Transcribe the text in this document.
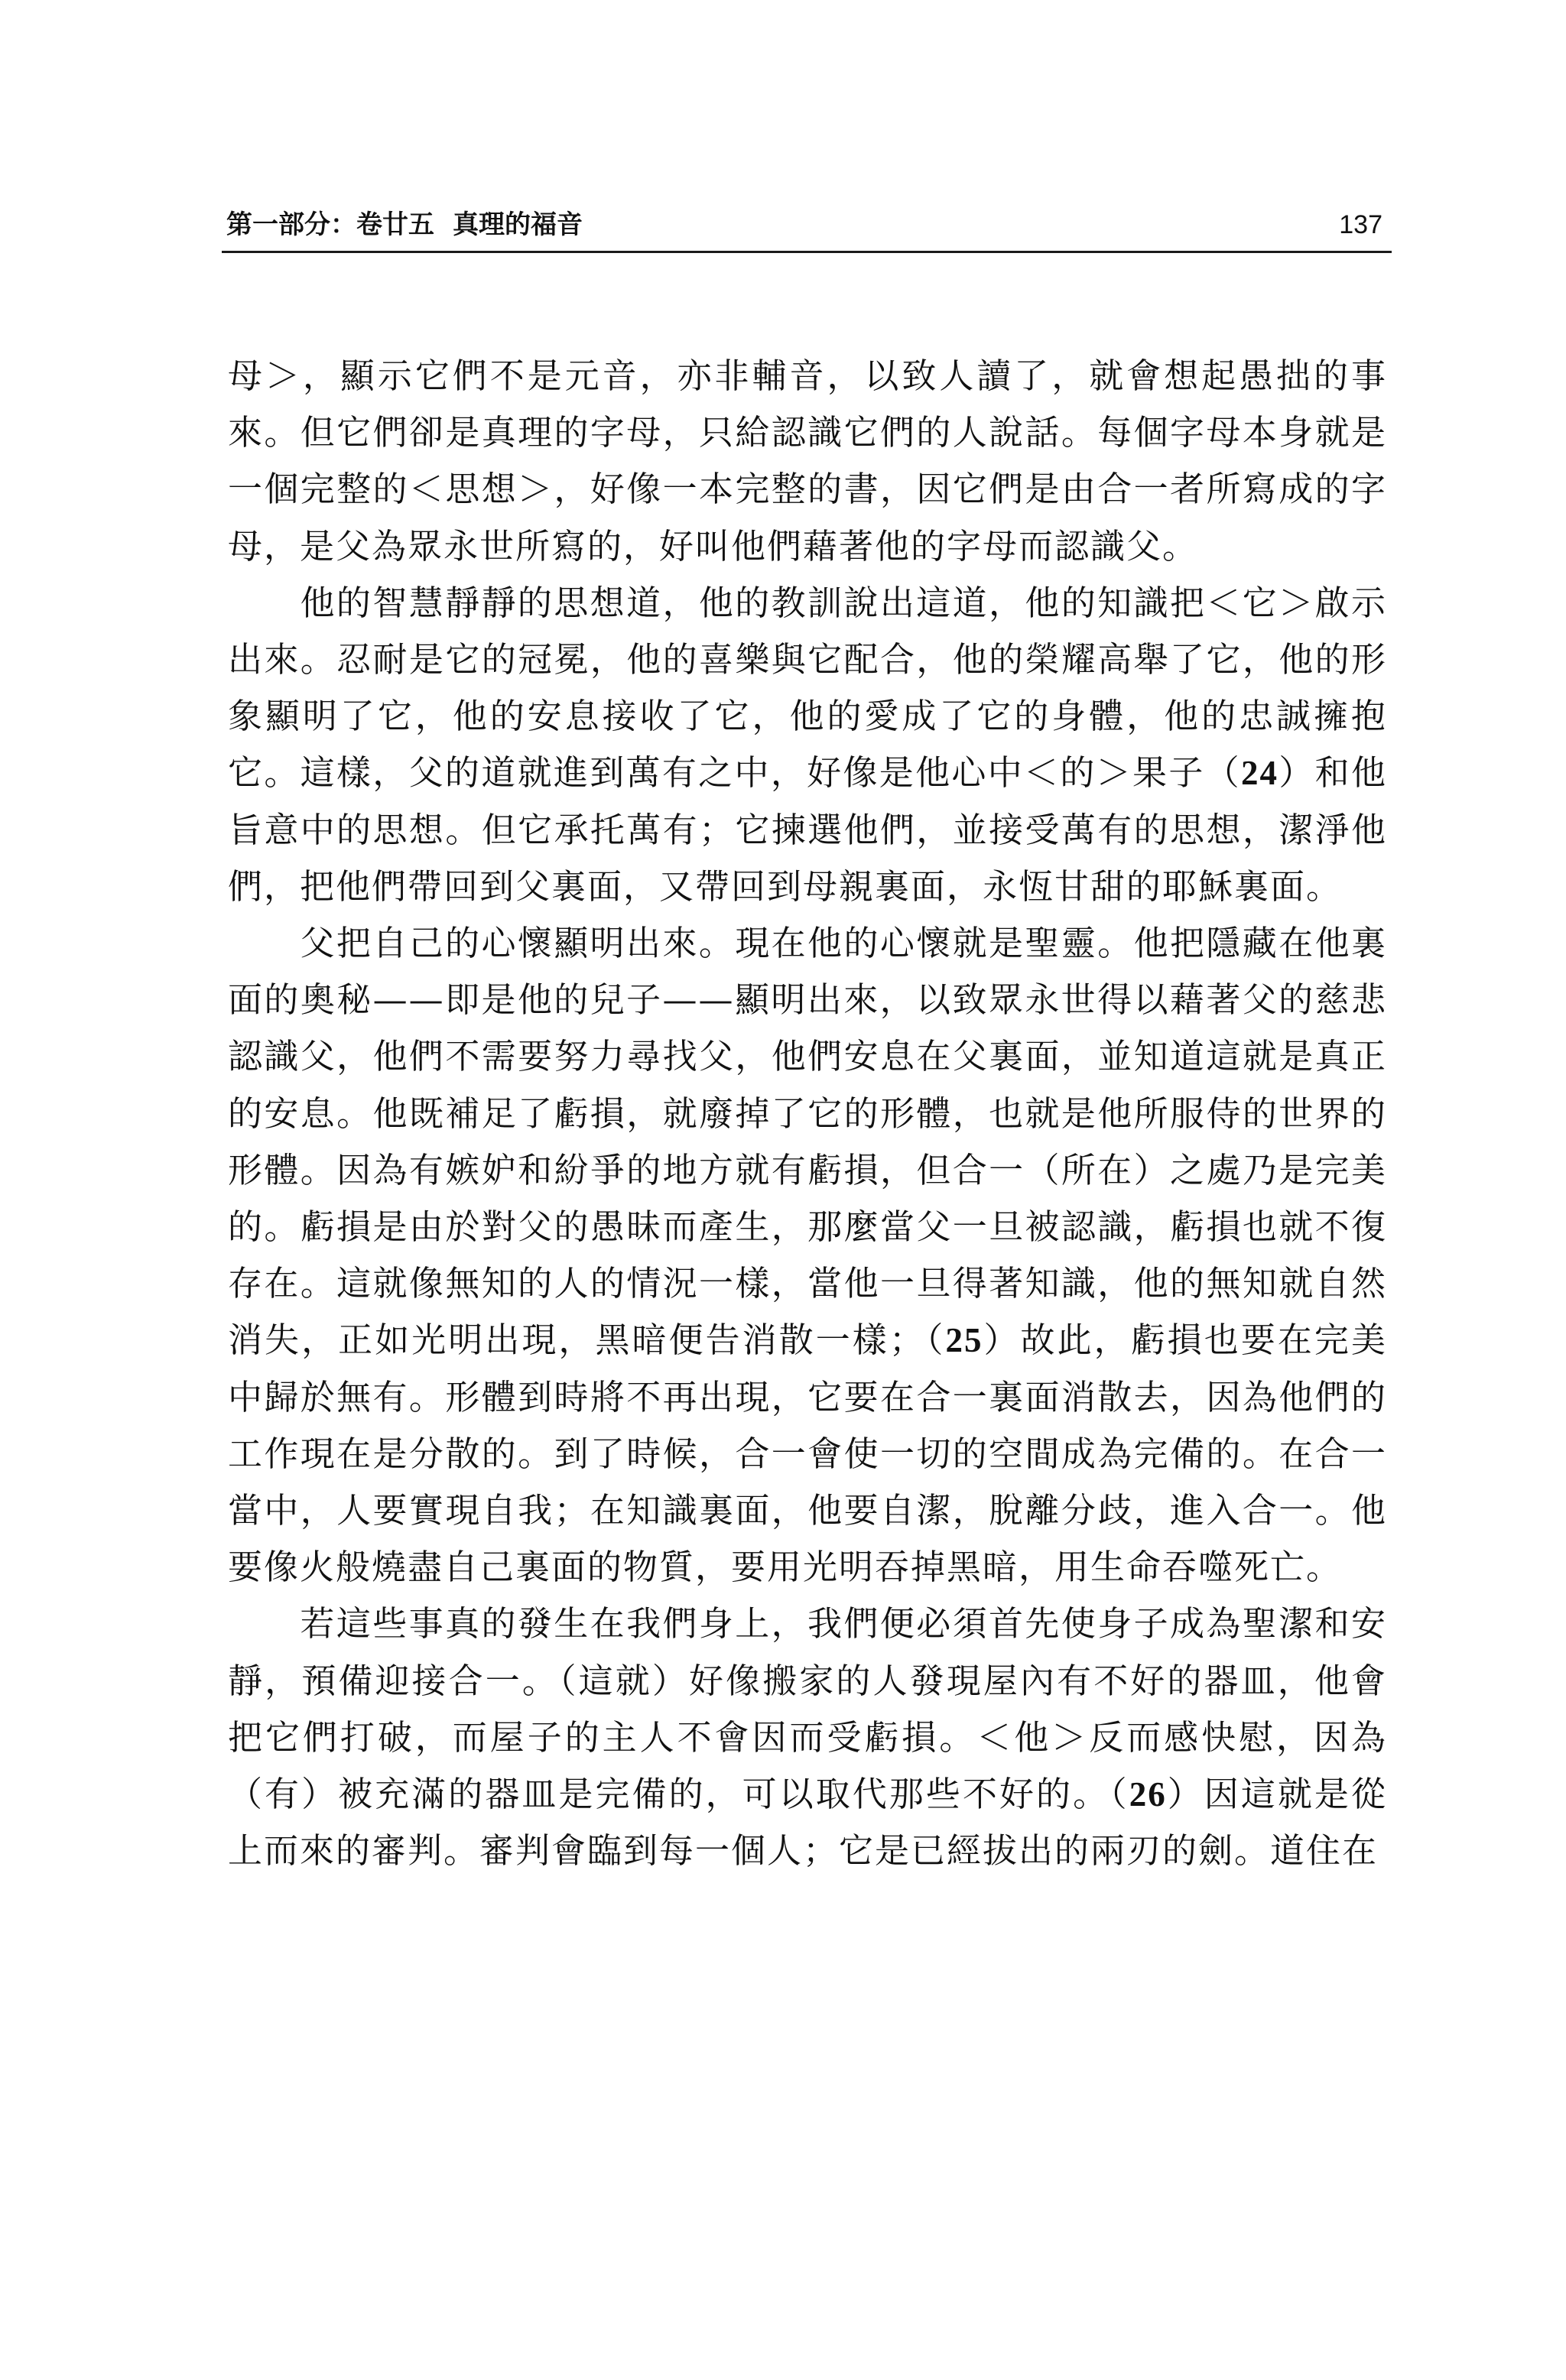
第一部分：卷廿五 真理的福音	137

母＞，顯示它們不是元音，亦非輔音，以致人讀了，就會想起愚拙的事來。但它們卻是真理的字母，只給認識它們的人說話。每個字母本身就是一個完整的＜思想＞，好像一本完整的書，因它們是由合一者所寫成的字母，是父為眾永世所寫的，好叫他們藉著他的字母而認識父。

他的智慧靜靜的思想道，他的教訓說出這道，他的知識把＜它＞啟示出來。忍耐是它的冠冕，他的喜樂與它配合，他的榮耀高舉了它，他的形象顯明了它，他的安息接收了它，他的愛成了它的身體，他的忠誠擁抱它。這樣，父的道就進到萬有之中，好像是他心中＜的＞果子（24）和他旨意中的思想。但它承托萬有；它揀選他們，並接受萬有的思想，潔淨他們，把他們帶回到父裏面，又帶回到母親裏面，永恆甘甜的耶穌裏面。

父把自己的心懷顯明出來。現在他的心懷就是聖靈。他把隱藏在他裏面的奧秘——即是他的兒子——顯明出來，以致眾永世得以藉著父的慈悲認識父，他們不需要努力尋找父，他們安息在父裏面，並知道這就是真正的安息。他既補足了虧損，就廢掉了它的形體，也就是他所服侍的世界的形體。因為有嫉妒和紛爭的地方就有虧損，但合一（所在）之處乃是完美的。虧損是由於對父的愚昧而產生，那麼當父一旦被認識，虧損也就不復存在。這就像無知的人的情況一樣，當他一旦得著知識，他的無知就自然消失，正如光明出現，黑暗便告消散一樣；（25）故此，虧損也要在完美中歸於無有。形體到時將不再出現，它要在合一裏面消散去，因為他們的工作現在是分散的。到了時候，合一會使一切的空間成為完備的。在合一當中，人要實現自我；在知識裏面，他要自潔，脫離分歧，進入合一。他要像火般燒盡自己裏面的物質，要用光明吞掉黑暗，用生命吞噬死亡。

若這些事真的發生在我們身上，我們便必須首先使身子成為聖潔和安靜，預備迎接合一。（這就）好像搬家的人發現屋內有不好的器皿，他會把它們打破，而屋子的主人不會因而受虧損。＜他＞反而感快慰，因為（有）被充滿的器皿是完備的，可以取代那些不好的。（26）因這就是從上而來的審判。審判會臨到每一個人；它是已經拔出的兩刃的劍。道住在
